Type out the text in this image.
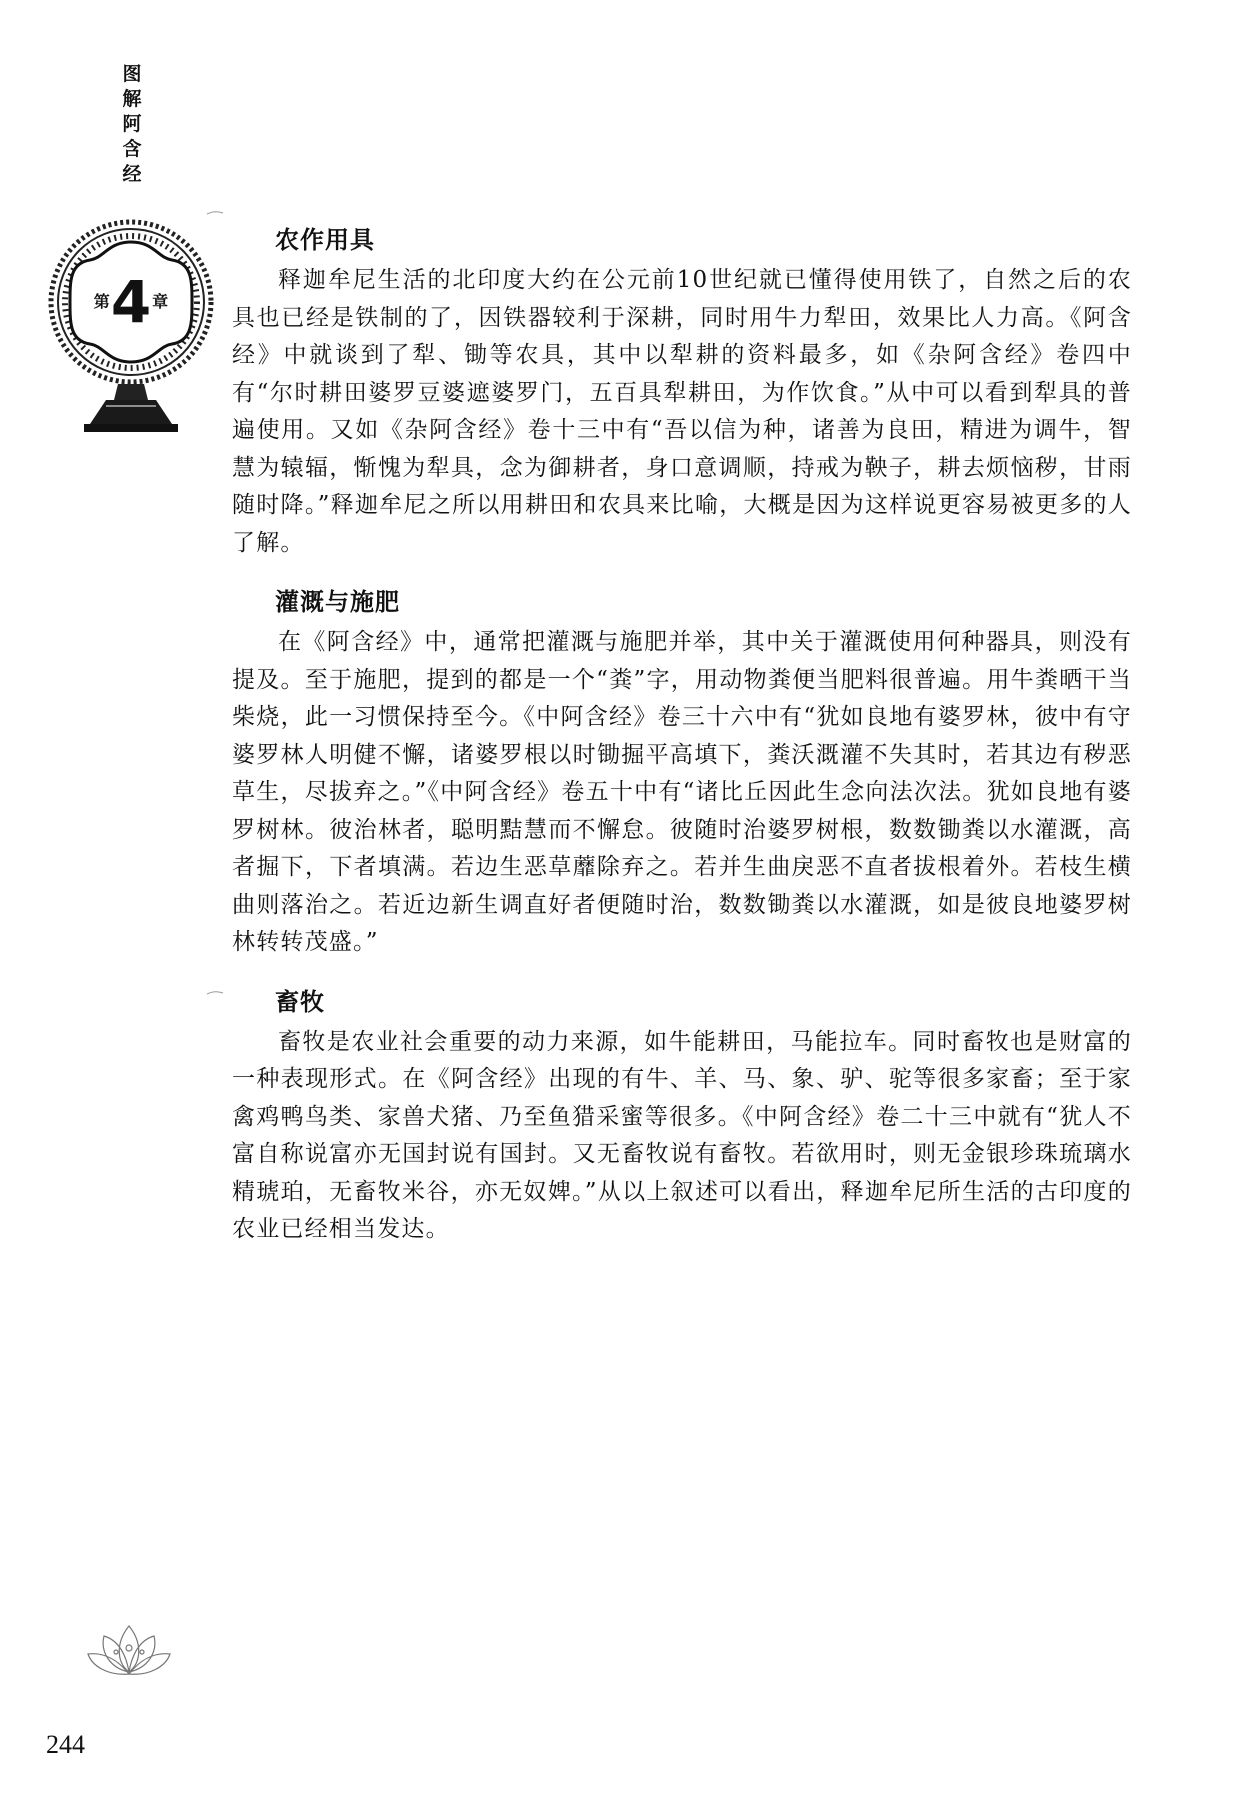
图
解
阿
含
经
第 4 章
农作用具

释迦牟尼生活的北印度大约在公元前10世纪就已懂得使用铁了，自然之后的农具也已经是铁制的了，因铁器较利于深耕，同时用牛力犁田，效果比人力高。《阿含经》中就谈到了犁、锄等农具，其中以犁耕的资料最多，如《杂阿含经》卷四中有“尔时耕田婆罗豆婆遮婆罗门，五百具犁耕田，为作饮食。”从中可以看到犁具的普遍使用。又如《杂阿含经》卷十三中有“吾以信为种，诸善为良田，精进为调牛，智慧为辕辐，惭愧为犁具，念为御耕者，身口意调顺，持戒为鞅子，耕去烦恼秽，甘雨随时降。”释迦牟尼之所以用耕田和农具来比喻，大概是因为这样说更容易被更多的人了解。

灌溉与施肥

在《阿含经》中，通常把灌溉与施肥并举，其中关于灌溉使用何种器具，则没有提及。至于施肥，提到的都是一个“粪”字，用动物粪便当肥料很普遍。用牛粪晒干当柴烧，此一习惯保持至今。《中阿含经》卷三十六中有“犹如良地有婆罗林，彼中有守婆罗林人明健不懈，诸婆罗根以时锄掘平高填下，粪沃溉灌不失其时，若其边有秽恶草生，尽拔弃之。”《中阿含经》卷五十中有“诸比丘因此生念向法次法。犹如良地有婆罗树林。彼治林者，聪明黠慧而不懈怠。彼随时治婆罗树根，数数锄粪以水灌溉，高者掘下，下者填满。若边生恶草蘼除弃之。若并生曲戾恶不直者拔根着外。若枝生横曲则落治之。若近边新生调直好者便随时治，数数锄粪以水灌溉，如是彼良地婆罗树林转转茂盛。”

畜牧

畜牧是农业社会重要的动力来源，如牛能耕田，马能拉车。同时畜牧也是财富的一种表现形式。在《阿含经》出现的有牛、羊、马、象、驴、驼等很多家畜；至于家禽鸡鸭鸟类、家兽犬猪、乃至鱼猎采蜜等很多。《中阿含经》卷二十三中就有“犹人不富自称说富亦无国封说有国封。又无畜牧说有畜牧。若欲用时，则无金银珍珠琉璃水精琥珀，无畜牧米谷，亦无奴婢。”从以上叙述可以看出，释迦牟尼所生活的古印度的农业已经相当发达。

244
